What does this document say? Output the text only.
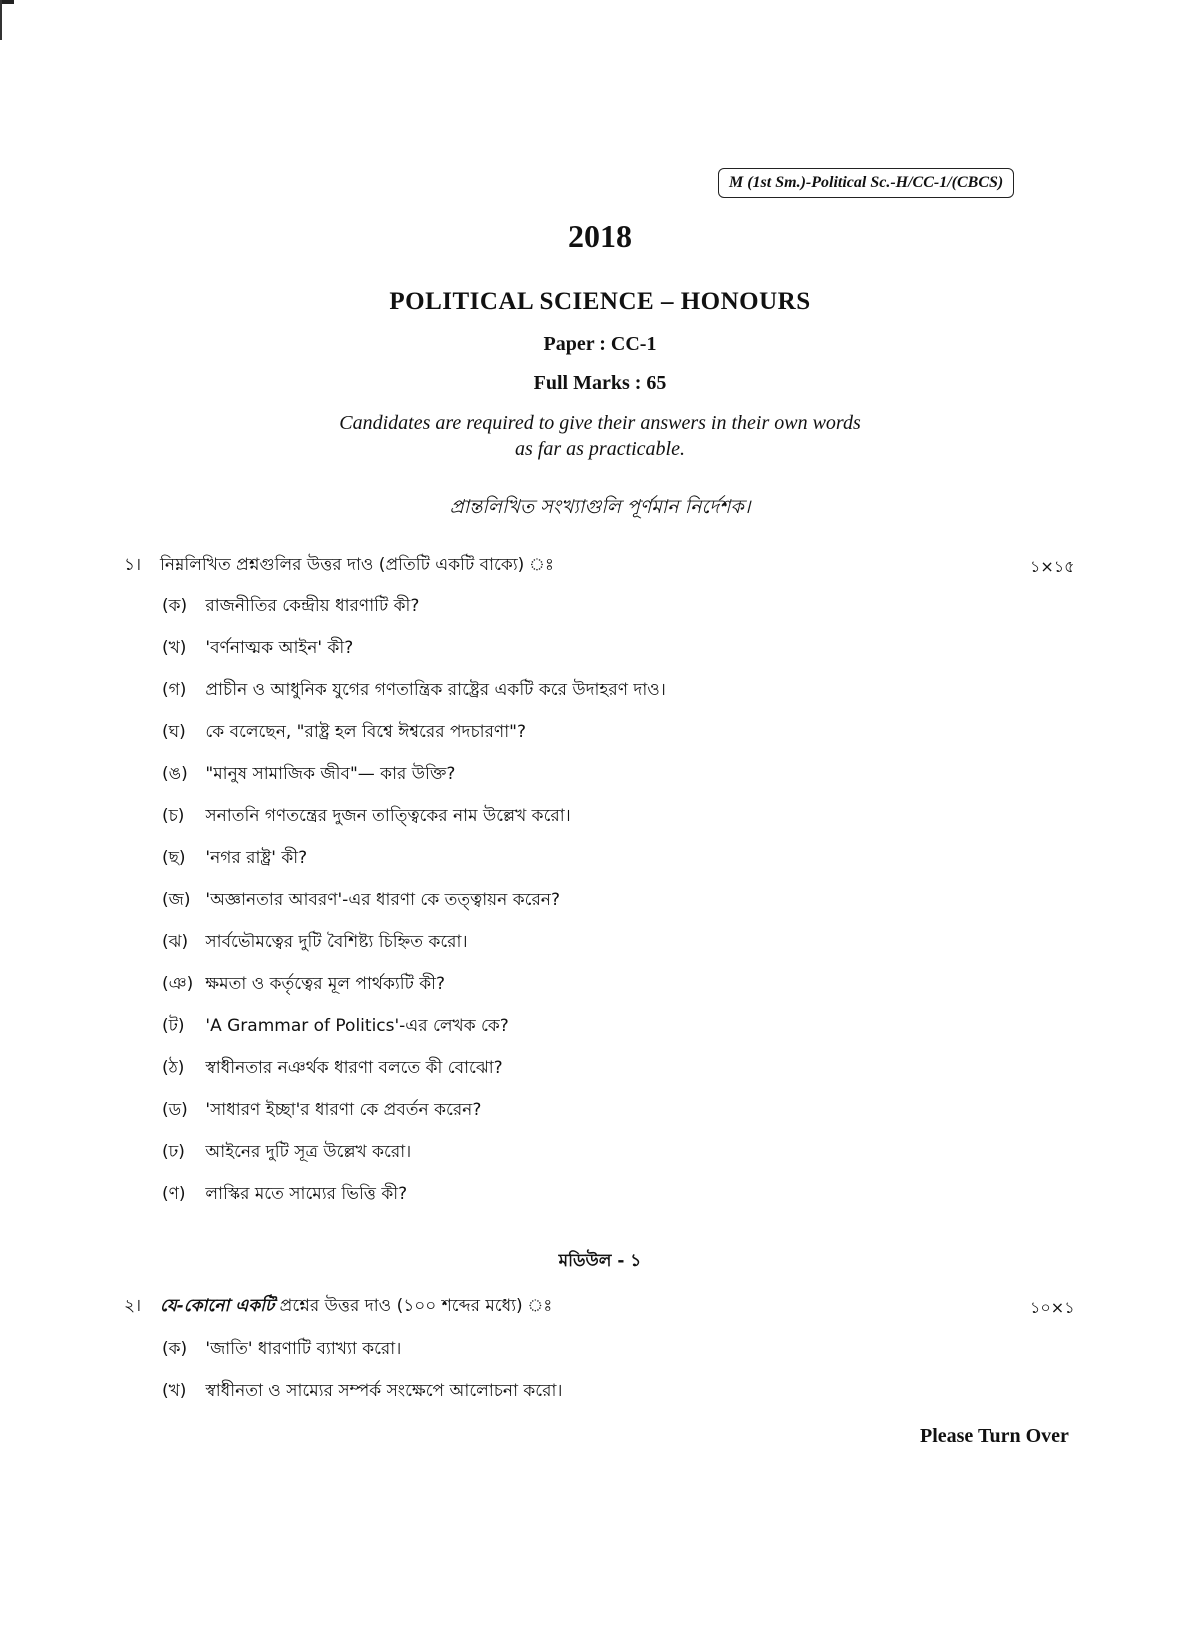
M (1st Sm.)-Political Sc.-H/CC-1/(CBCS)
2018
POLITICAL SCIENCE – HONOURS
Paper : CC-1
Full Marks : 65
Candidates are required to give their answers in their own words
as far as practicable.
প্রান্তলিখিত সংখ্যাগুলি পূর্ণমান নির্দেশক।
১। নিম্নলিখিত প্রশ্নগুলির উত্তর দাও (প্রতিটি একটি বাক্যে) ঃ	১×১৫
(ক) রাজনীতির কেন্দ্রীয় ধারণাটি কী?
(খ) 'বর্ণনাত্মক আইন' কী?
(গ) প্রাচীন ও আধুনিক যুগের গণতান্ত্রিক রাষ্ট্রের একটি করে উদাহরণ দাও।
(ঘ) কে বলেছেন, "রাষ্ট্র হল বিশ্বে ঈশ্বরের পদচারণা"?
(ঙ) "মানুষ সামাজিক জীব"— কার উক্তি?
(চ) সনাতনি গণতন্ত্রের দুজন তাত্ত্বিকের নাম উল্লেখ করো।
(ছ) 'নগর রাষ্ট্র' কী?
(জ) 'অজ্ঞানতার আবরণ'-এর ধারণা কে তত্ত্বায়ন করেন?
(ঝ) সার্বভৌমত্বের দুটি বৈশিষ্ট্য চিহ্নিত করো।
(ঞ) ক্ষমতা ও কর্তৃত্বের মূল পার্থক্যটি কী?
(ট) 'A Grammar of Politics'-এর লেখক কে?
(ঠ) স্বাধীনতার নঞর্থক ধারণা বলতে কী বোঝো?
(ড) 'সাধারণ ইচ্ছা'র ধারণা কে প্রবর্তন করেন?
(ঢ) আইনের দুটি সূত্র উল্লেখ করো।
(ণ) লাস্কির মতে সাম্যের ভিত্তি কী?
মডিউল - ১
২। যে-কোনো একটি প্রশ্নের উত্তর দাও (১০০ শব্দের মধ্যে) ঃ	১০×১
(ক) 'জাতি' ধারণাটি ব্যাখ্যা করো।
(খ) স্বাধীনতা ও সাম্যের সম্পর্ক সংক্ষেপে আলোচনা করো।
Please Turn Over
